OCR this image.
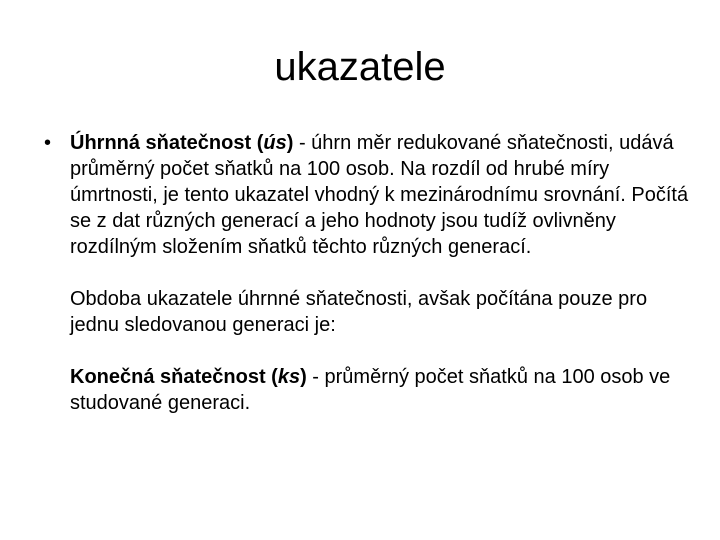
ukazatele
• Úhrnná sňatečnost (ús) - úhrn měr redukované sňatečnosti, udává průměrný počet sňatků na 100 osob. Na rozdíl od hrubé míry úmrtnosti, je tento ukazatel vhodný k mezinárodnímu srovnání. Počítá se z dat různých generací a jeho hodnoty jsou tudíž ovlivněny rozdílným složením sňatků těchto různých generací.

Obdoba ukazatele úhrnné sňatečnosti, avšak počítána pouze pro jednu sledovanou generaci je:

Konečná sňatečnost (ks) - průměrný počet sňatků na 100 osob ve studované generaci.
